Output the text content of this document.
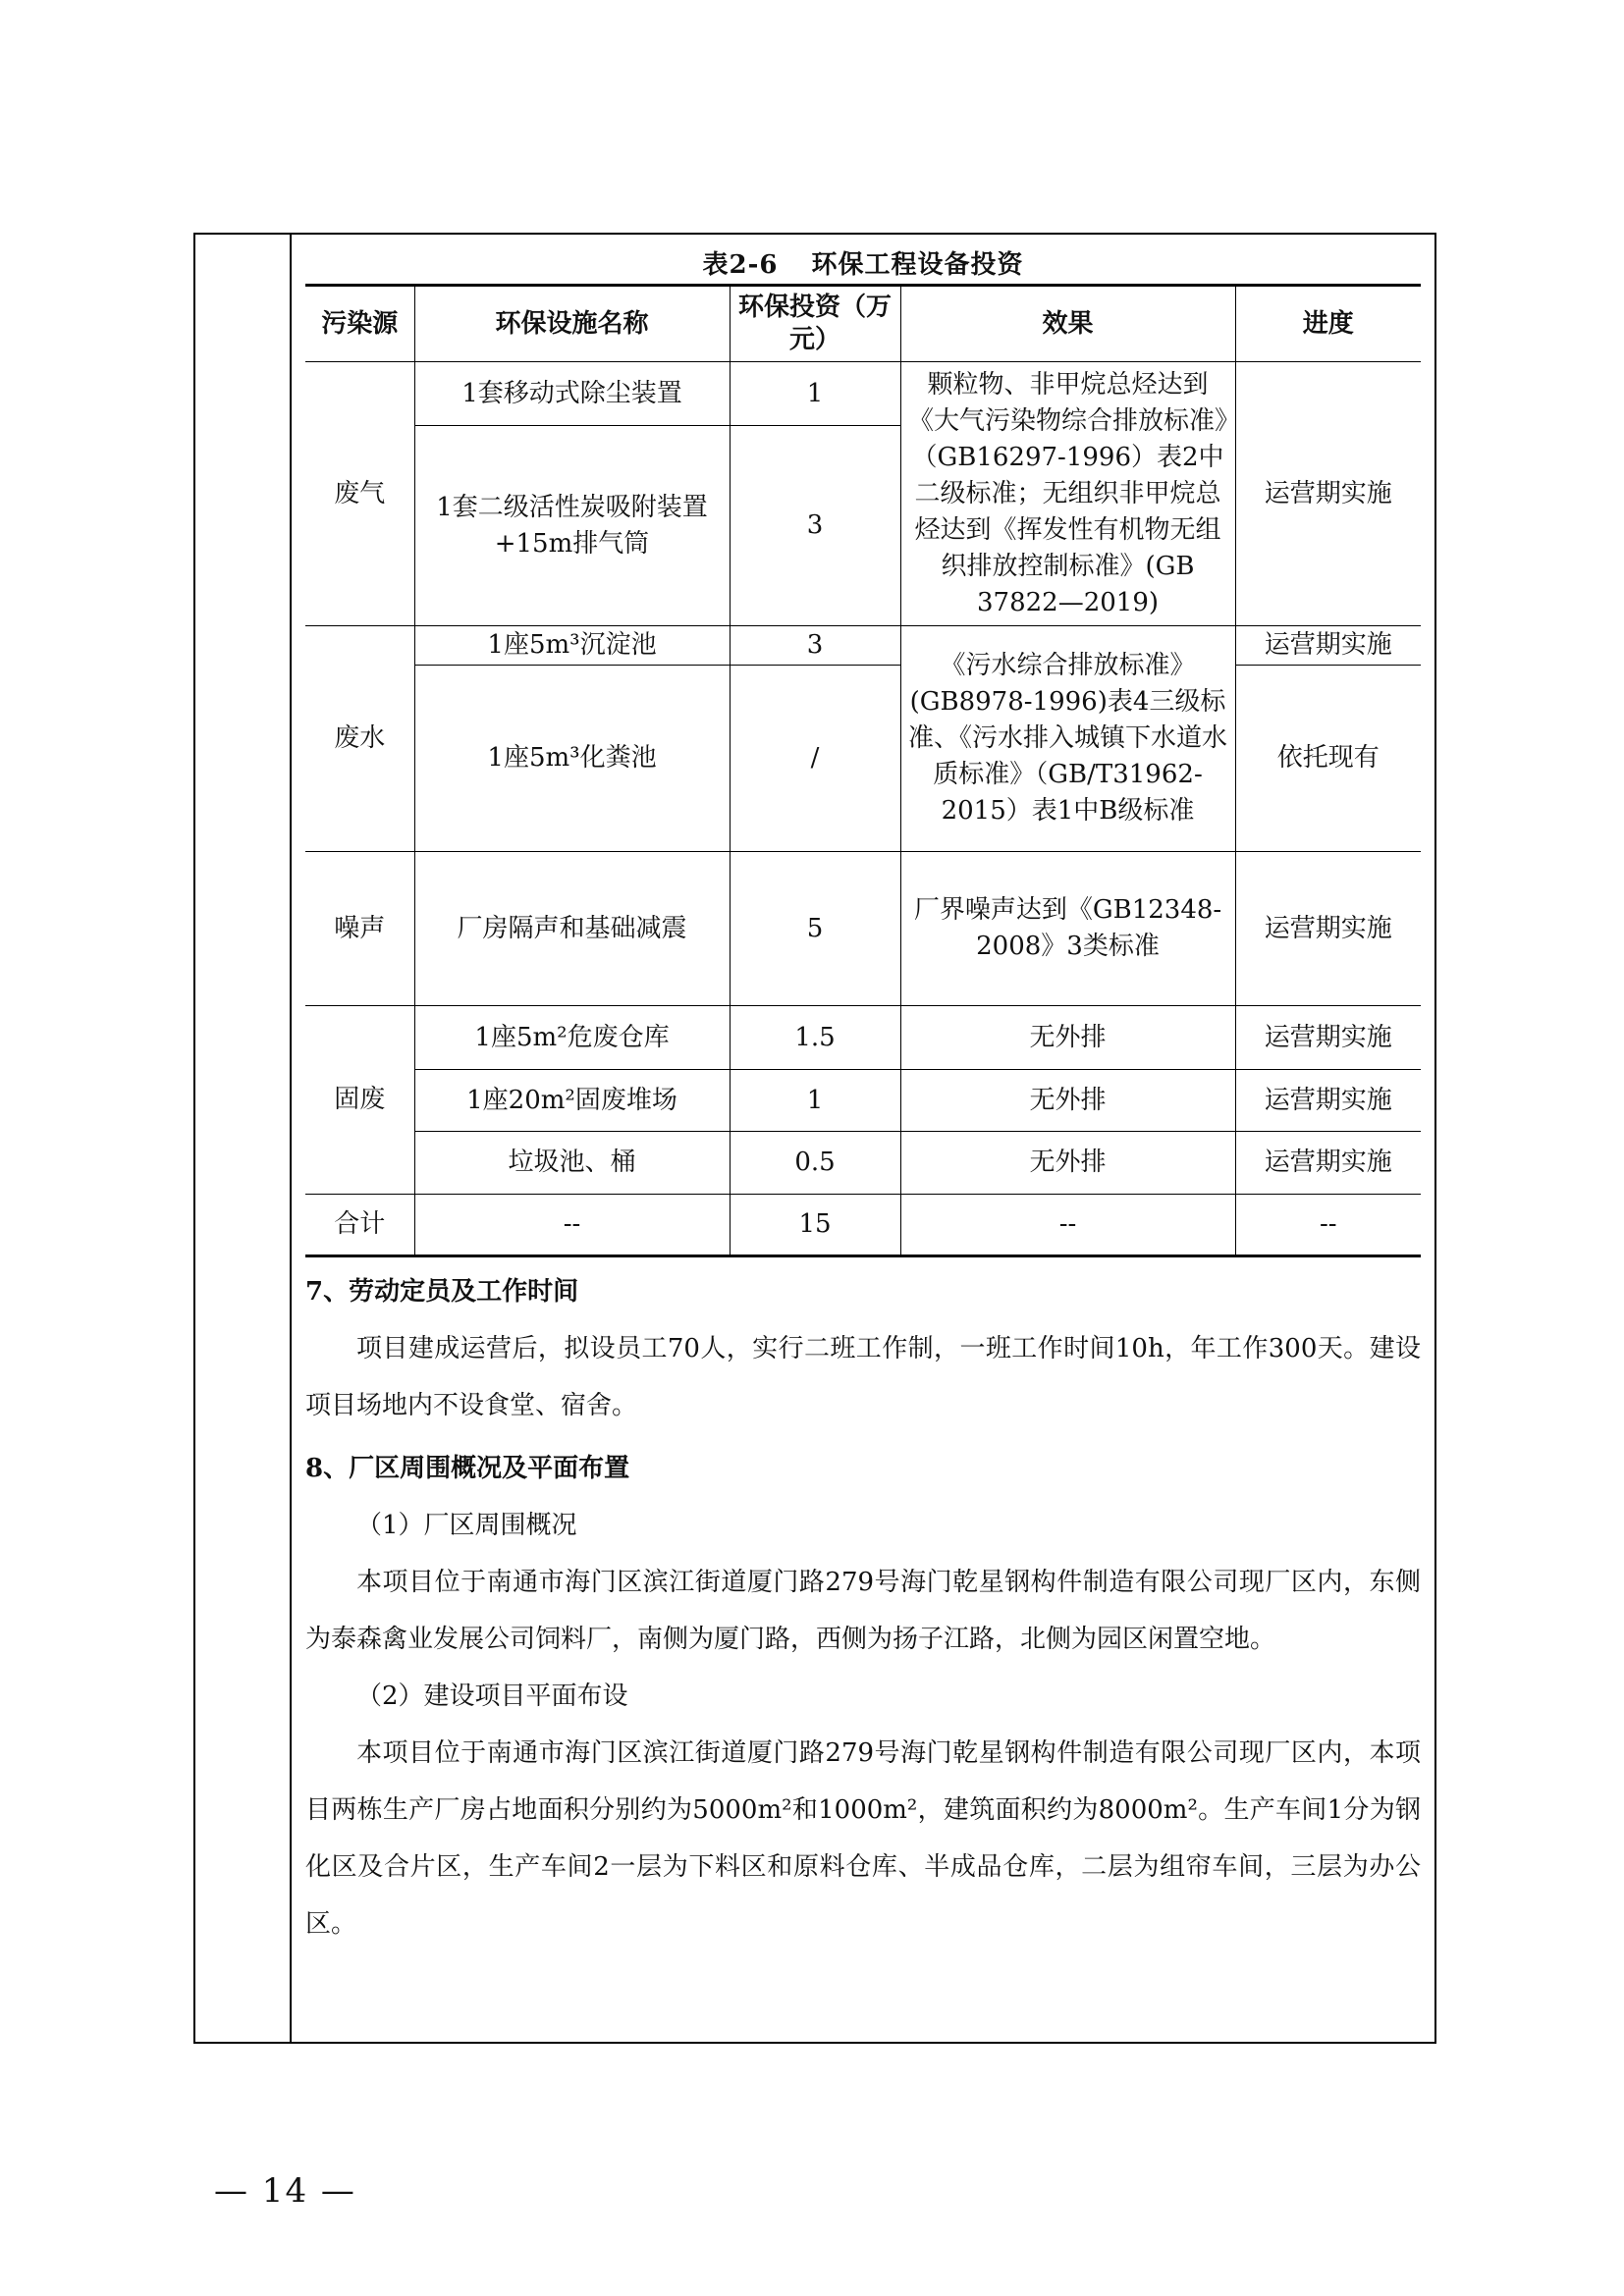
表2-6 环保工程设备投资
污染源	环保设施名称	环保投资（万元）	效果	进度
废气	1套移动式除尘装置	1	颗粒物、非甲烷总烃达到《大气污染物综合排放标准》（GB16297-1996）表2中二级标准；无组织非甲烷总烃达到《挥发性有机物无组织排放控制标准》(GB 37822—2019)	运营期实施
	1套二级活性炭吸附装置+15m排气筒	3		
废水	1座5m³沉淀池	3	《污水综合排放标准》(GB8978-1996)表4三级标准、《污水排入城镇下水道水质标准》（GB/T31962-2015）表1中B级标准	运营期实施
	1座5m³化粪池	/		依托现有
噪声	厂房隔声和基础减震	5	厂界噪声达到《GB12348-2008》3类标准	运营期实施
固废	1座5m²危废仓库	1.5	无外排	运营期实施
	1座20m²固废堆场	1	无外排	运营期实施
	垃圾池、桶	0.5	无外排	运营期实施
合计	--	15	--	--
7、劳动定员及工作时间

项目建成运营后，拟设员工70人，实行二班工作制，一班工作时间10h，年工作300天。建设项目场地内不设食堂、宿舍。

8、厂区周围概况及平面布置

（1）厂区周围概况

本项目位于南通市海门区滨江街道厦门路279号海门乾星钢构件制造有限公司现厂区内，东侧为泰森禽业发展公司饲料厂，南侧为厦门路，西侧为扬子江路，北侧为园区闲置空地。

（2）建设项目平面布设

本项目位于南通市海门区滨江街道厦门路279号海门乾星钢构件制造有限公司现厂区内，本项目两栋生产厂房占地面积分别约为5000m²和1000m²，建筑面积约为8000m²。生产车间1分为钢化区及合片区，生产车间2一层为下料区和原料仓库、半成品仓库，二层为组帘车间，三层为办公区。

— 14 —
